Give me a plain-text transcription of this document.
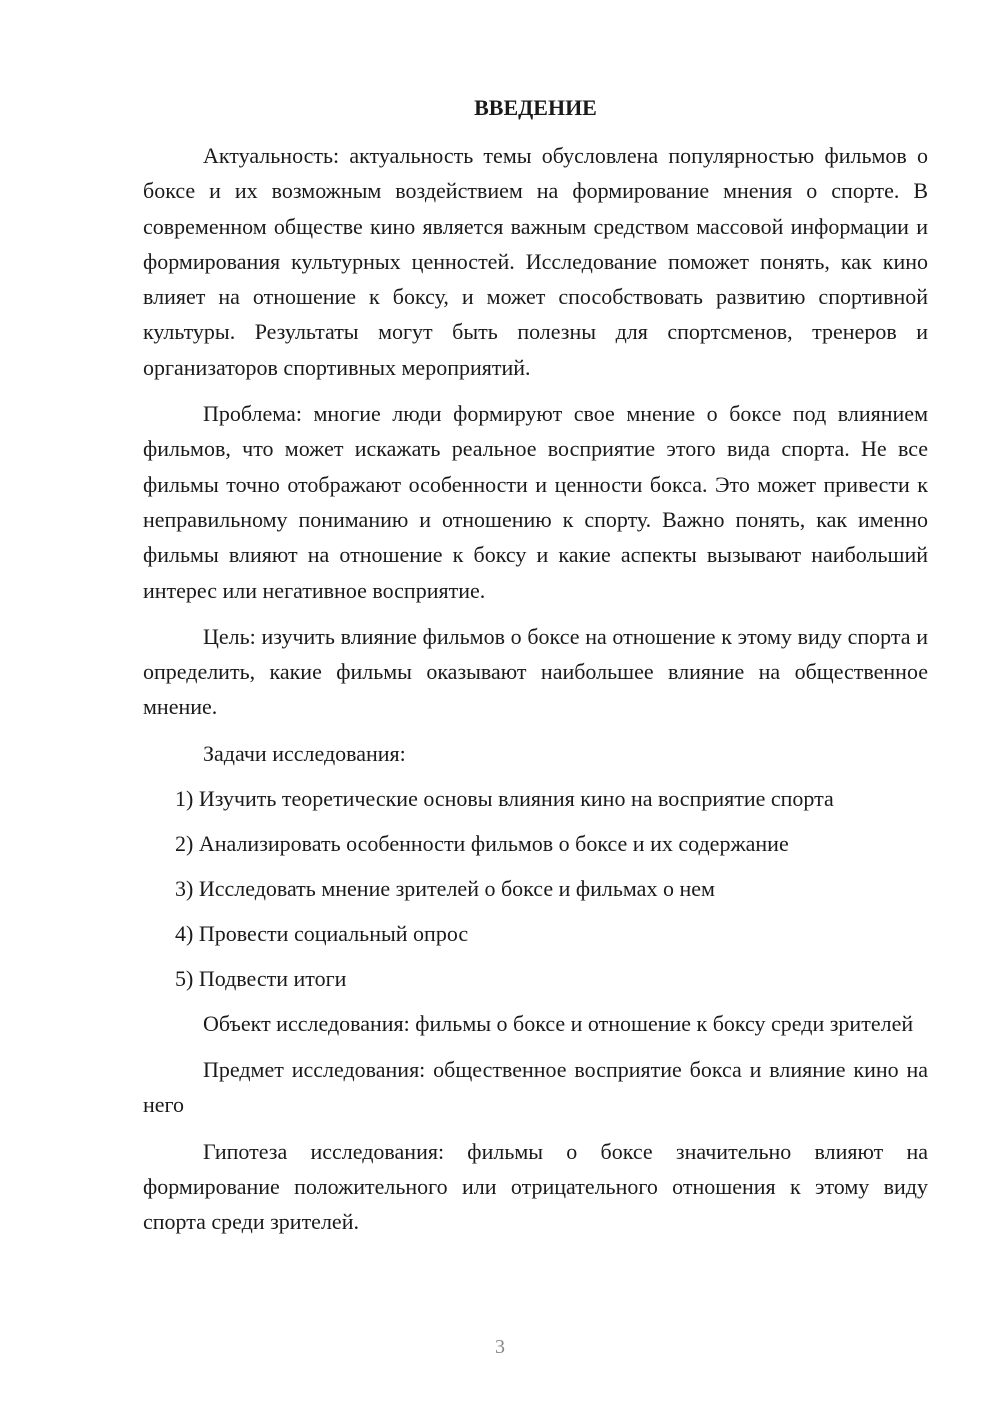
ВВЕДЕНИЕ

Актуальность: актуальность темы обусловлена популярностью фильмов о боксе и их возможным воздействием на формирование мнения о спорте. В современном обществе кино является важным средством массовой информации и формирования культурных ценностей. Исследование поможет понять, как кино влияет на отношение к боксу, и может способствовать развитию спортивной культуры. Результаты могут быть полезны для спортсменов, тренеров и организаторов спортивных мероприятий.

Проблема: многие люди формируют свое мнение о боксе под влиянием фильмов, что может искажать реальное восприятие этого вида спорта. Не все фильмы точно отображают особенности и ценности бокса. Это может привести к неправильному пониманию и отношению к спорту. Важно понять, как именно фильмы влияют на отношение к боксу и какие аспекты вызывают наибольший интерес или негативное восприятие.

Цель: изучить влияние фильмов о боксе на отношение к этому виду спорта и определить, какие фильмы оказывают наибольшее влияние на общественное мнение.

Задачи исследования:

1) Изучить теоретические основы влияния кино на восприятие спорта
2) Анализировать особенности фильмов о боксе и их содержание
3) Исследовать мнение зрителей о боксе и фильмах о нем
4) Провести социальный опрос
5) Подвести итоги

Объект исследования: фильмы о боксе и отношение к боксу среди зрителей

Предмет исследования: общественное восприятие бокса и влияние кино на него

Гипотеза исследования: фильмы о боксе значительно влияют на формирование положительного или отрицательного отношения к этому виду спорта среди зрителей.

3
